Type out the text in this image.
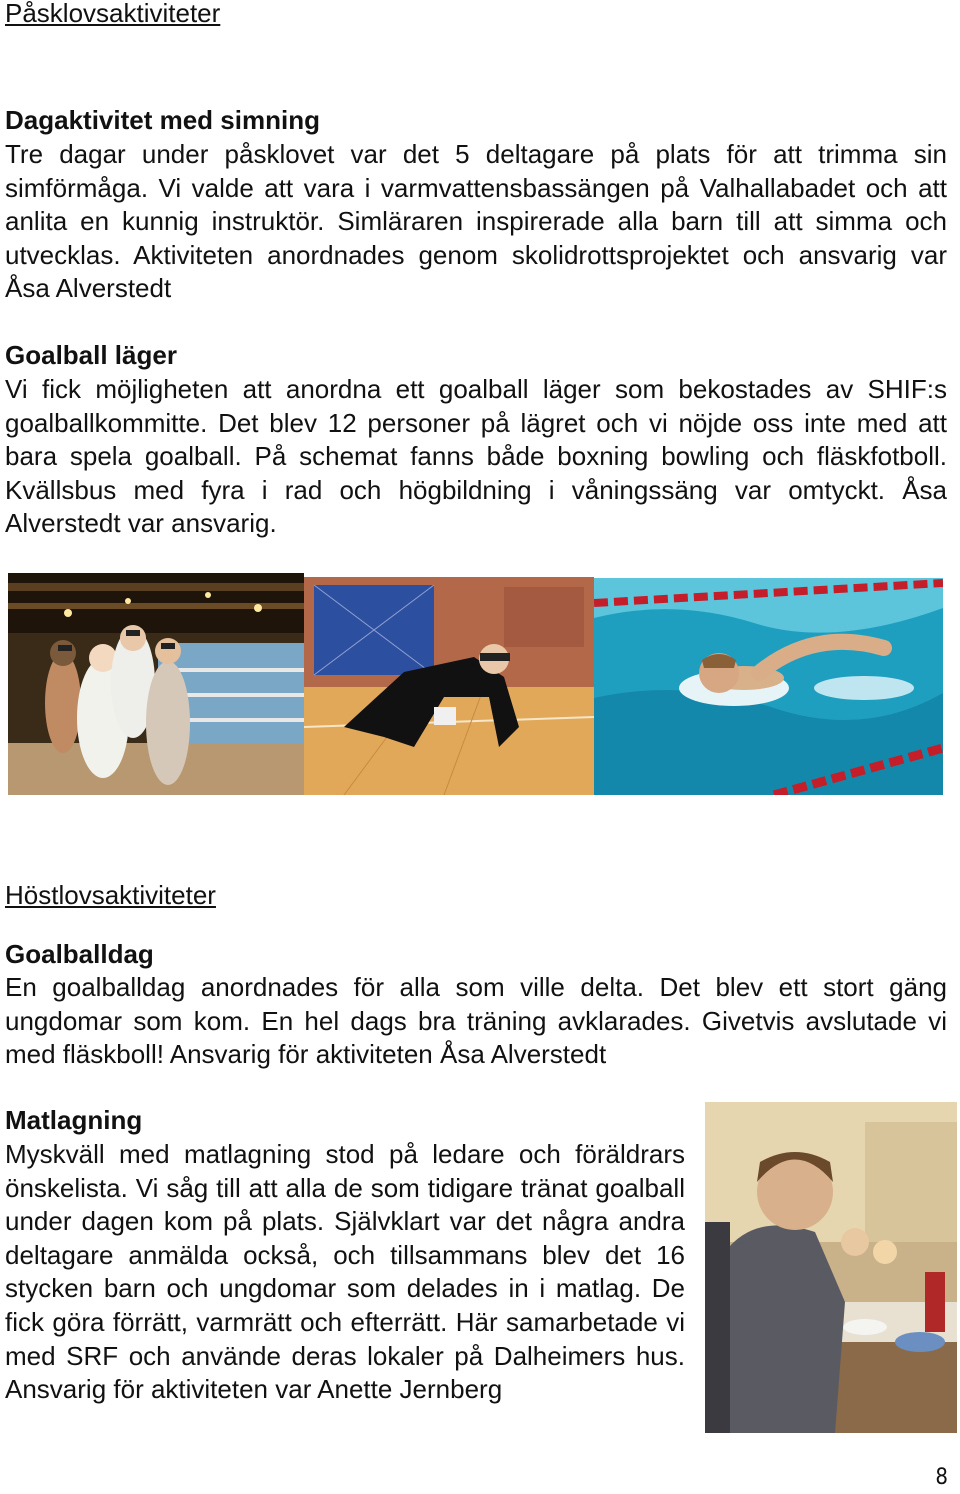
Påsklovsaktiviteter
Dagaktivitet med simning
Tre dagar under påsklovet var det 5 deltagare på plats för att trimma sin simförmåga. Vi valde att vara i varmvattensbassängen på Valhallabadet och att anlita en kunnig instruktör. Simläraren inspirerade alla barn till att simma och utvecklas. Aktiviteten anordnades genom skolidrottsprojektet och ansvarig var Åsa Alverstedt
Goalball läger
Vi fick möjligheten att anordna ett goalball läger som bekostades av SHIF:s goalballkommitte. Det blev 12 personer på lägret och vi nöjde oss inte med att bara spela goalball. På schemat fanns både boxning bowling och fläskfotboll. Kvällsbus med fyra i rad och högbildning i våningssäng var omtyckt. Åsa Alverstedt var ansvarig.
Höstlovsaktiviteter
Goalballdag
En goalballdag anordnades för alla som ville delta. Det blev ett stort gäng ungdomar som kom. En hel dags bra träning avklarades. Givetvis avslutade vi med fläskboll! Ansvarig för aktiviteten Åsa Alverstedt
Matlagning
Myskväll med matlagning stod på ledare och föräldrars önskelista. Vi såg till att alla de som tidigare tränat goalball under dagen kom på plats. Självklart var det några andra deltagare anmälda också, och tillsammans blev det 16 stycken barn och ungdomar som delades in i matlag. De fick göra förrätt, varmrätt och efterrätt. Här samarbetade vi med SRF och använde deras lokaler på Dalheimers hus. Ansvarig för aktiviteten var Anette Jernberg
8
